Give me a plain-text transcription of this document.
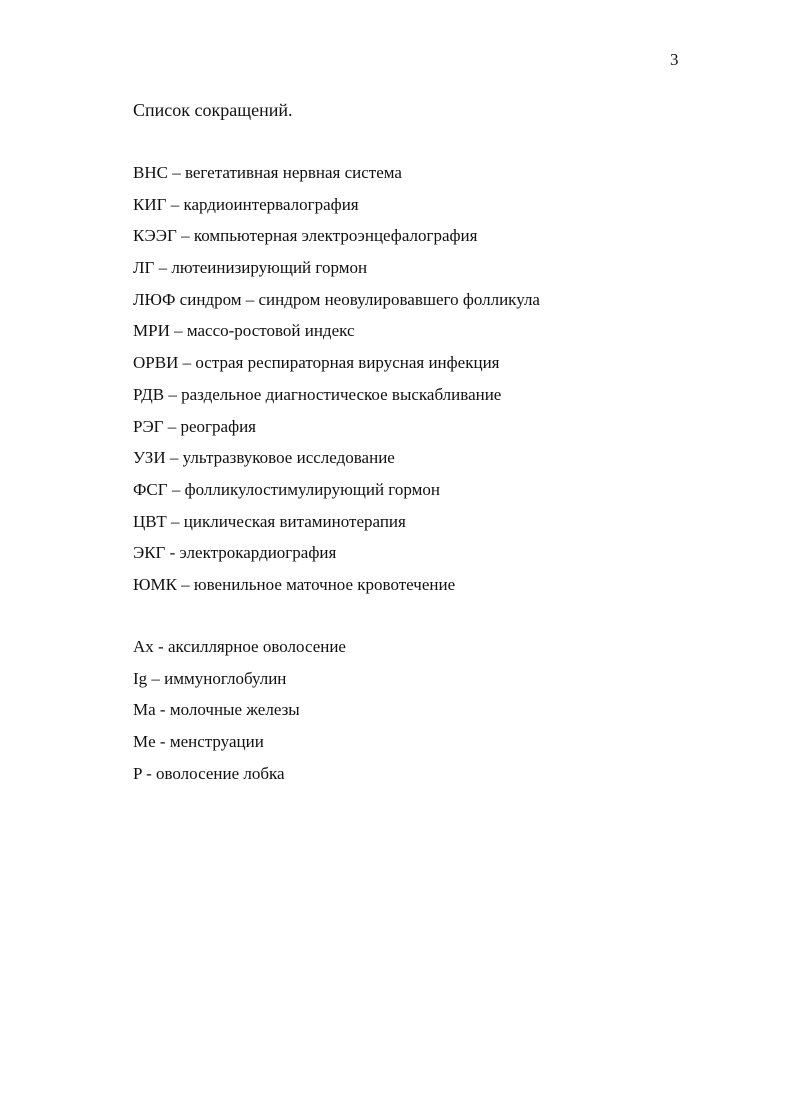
3
Список сокращений.
ВНС – вегетативная нервная система
КИГ – кардиоинтервалография
КЭЭГ – компьютерная электроэнцефалография
ЛГ – лютеинизирующий гормон
ЛЮФ синдром – синдром неовулировавшего фолликула
МРИ – массо-ростовой индекс
ОРВИ – острая респираторная вирусная инфекция
РДВ – раздельное диагностическое выскабливание
РЭГ – реография
УЗИ – ультразвуковое исследование
ФСГ – фолликулостимулирующий гормон
ЦВТ – циклическая витаминотерапия
ЭКГ - электрокардиография
ЮМК – ювенильное маточное кровотечение
Ax - аксиллярное оволосение
Ig – иммуноглобулин
Ma - молочные железы
Me - менструации
P - оволосение лобка
